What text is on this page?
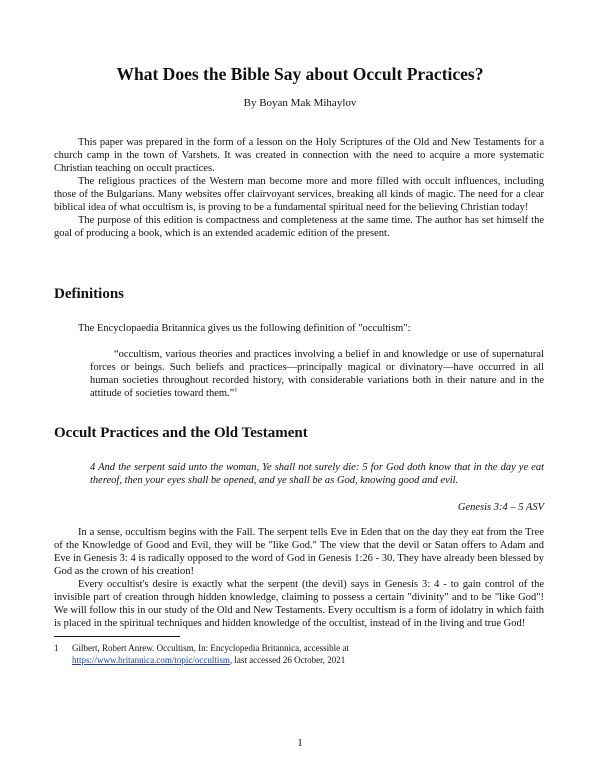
What Does the Bible Say about Occult Practices?
By Boyan Mak Mihaylov

This paper was prepared in the form of a lesson on the Holy Scriptures of the Old and New Testaments for a church camp in the town of Varshets. It was created in connection with the need to acquire a more systematic Christian teaching on occult practices.

The religious practices of the Western man become more and more filled with occult influences, including those of the Bulgarians. Many websites offer clairvoyant services, breaking all kinds of magic. The need for a clear biblical idea of what occultism is, is proving to be a fundamental spiritual need for the believing Christian today!

The purpose of this edition is compactness and completeness at the same time. The author has set himself the goal of producing a book, which is an extended academic edition of the present.

Definitions

The Encyclopaedia Britannica gives us the following definition of "occultism":

“occultism, various theories and practices involving a belief in and knowledge or use of supernatural forces or beings. Such beliefs and practices—principally magical or divinatory—have occurred in all human societies throughout recorded history, with considerable variations both in their nature and in the attitude of societies toward them.”$^1$

Occult Practices and the Old Testament
4 And the serpent said unto the woman, Ye shall not surely die: 5 for God doth know that in the day ye eat thereof, then your eyes shall be opened, and ye shall be as God, knowing good and evil.
Genesis 3:4 – 5 ASV

In a sense, occultism begins with the Fall. The serpent tells Eve in Eden that on the day they eat from the Tree of the Knowledge of Good and Evil, they will be "like God." The view that the devil or Satan offers to Adam and Eve in Genesis 3: 4 is radically opposed to the word of God in Genesis 1:26 - 30. They have already been blessed by God as the crown of his creation!

Every occultist's desire is exactly what the serpent (the devil) says in Genesis 3: 4 - to gain control of the invisible part of creation through hidden knowledge, claiming to possess a certain "divinity" and to be "like God"! We will follow this in our study of the Old and New Testaments. Every occultism is a form of idolatry in which faith is placed in the spiritual techniques and hidden knowledge of the occultist, instead of in the living and true God!

1 Gilbert, Robert Anrew. Occultism, In: Encyclopedia Britannica, accessible at
https://www.britannica.com/topic/occultism, last accessed 26 October, 2021
1
